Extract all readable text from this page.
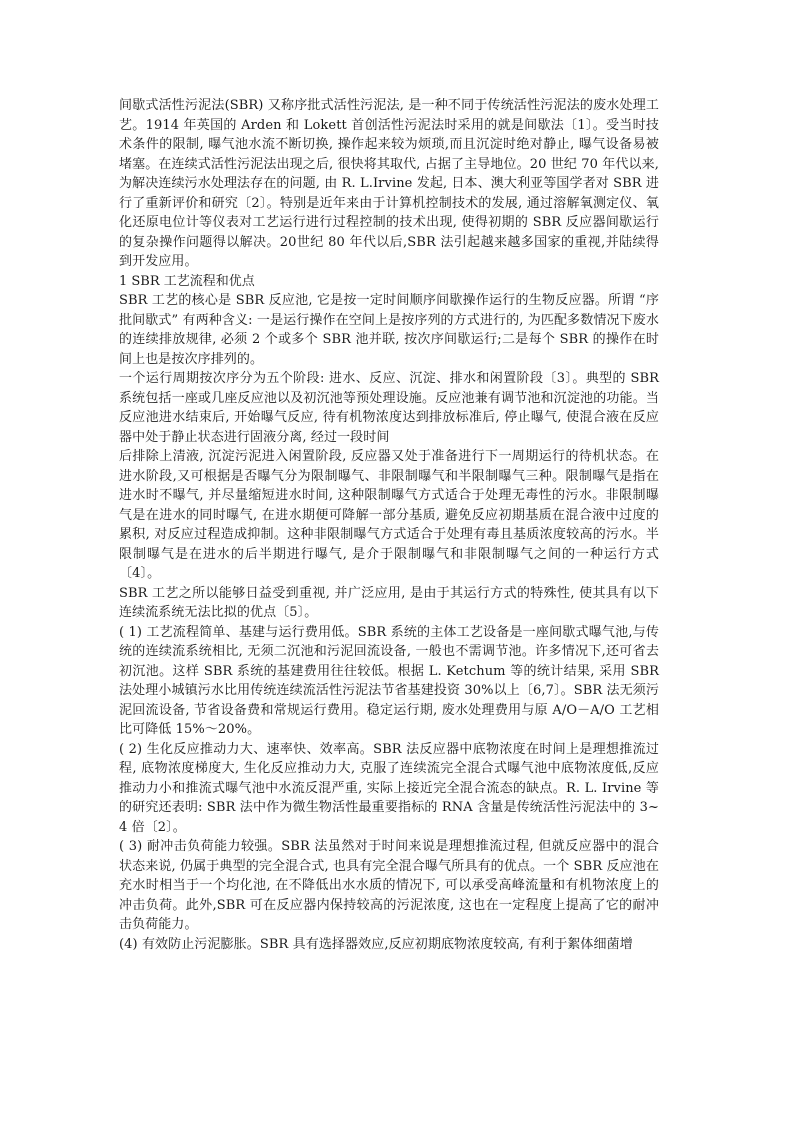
间歇式活性污泥法(SBR) 又称序批式活性污泥法, 是一种不同于传统活性污泥法的废水处理工艺。1914 年英国的 Arden 和 Lokett 首创活性污泥法时采用的就是间歇法〔1〕。受当时技术条件的限制, 曝气池水流不断切换, 操作起来较为烦琐,而且沉淀时绝对静止, 曝气设备易被堵塞。在连续式活性污泥法出现之后, 很快将其取代, 占据了主导地位。20 世纪 70 年代以来, 为解决连续污水处理法存在的问题, 由 R. L.Irvine 发起, 日本、澳大利亚等国学者对 SBR 进行了重新评价和研究〔2〕。特别是近年来由于计算机控制技术的发展, 通过溶解氧测定仪、氧化还原电位计等仪表对工艺运行进行过程控制的技术出现, 使得初期的 SBR 反应器间歇运行的复杂操作问题得以解决。20世纪 80 年代以后,SBR 法引起越来越多国家的重视,并陆续得到开发应用。

1 SBR 工艺流程和优点

SBR 工艺的核心是 SBR 反应池, 它是按一定时间顺序间歇操作运行的生物反应器。所谓 “序批间歇式” 有两种含义: 一是运行操作在空间上是按序列的方式进行的, 为匹配多数情况下废水的连续排放规律, 必须 2 个或多个 SBR 池并联, 按次序间歇运行;二是每个 SBR 的操作在时间上也是按次序排列的。

一个运行周期按次序分为五个阶段: 进水、反应、沉淀、排水和闲置阶段〔3〕。典型的 SBR 系统包括一座或几座反应池以及初沉池等预处理设施。反应池兼有调节池和沉淀池的功能。当反应池进水结束后, 开始曝气反应, 待有机物浓度达到排放标准后, 停止曝气, 使混合液在反应器中处于静止状态进行固液分离, 经过一段时间

后排除上清液, 沉淀污泥进入闲置阶段, 反应器又处于准备进行下一周期运行的待机状态。在进水阶段,又可根据是否曝气分为限制曝气、非限制曝气和半限制曝气三种。限制曝气是指在进水时不曝气, 并尽量缩短进水时间, 这种限制曝气方式适合于处理无毒性的污水。非限制曝气是在进水的同时曝气, 在进水期便可降解一部分基质, 避免反应初期基质在混合液中过度的累积, 对反应过程造成抑制。这种非限制曝气方式适合于处理有毒且基质浓度较高的污水。半限制曝气是在进水的后半期进行曝气, 是介于限制曝气和非限制曝气之间的一种运行方式〔4〕。

SBR 工艺之所以能够日益受到重视, 并广泛应用, 是由于其运行方式的特殊性, 使其具有以下连续流系统无法比拟的优点〔5〕。

( 1) 工艺流程简单、基建与运行费用低。SBR 系统的主体工艺设备是一座间歇式曝气池,与传统的连续流系统相比, 无须二沉池和污泥回流设备, 一般也不需调节池。许多情况下,还可省去初沉池。这样 SBR 系统的基建费用往往较低。根据 L. Ketchum 等的统计结果, 采用 SBR 法处理小城镇污水比用传统连续流活性污泥法节省基建投资 30%以上〔6,7〕。SBR 法无须污泥回流设备, 节省设备费和常规运行费用。稳定运行期, 废水处理费用与原 A/O－A/O 工艺相比可降低 15%～20%。

( 2) 生化反应推动力大、速率快、效率高。SBR 法反应器中底物浓度在时间上是理想推流过程, 底物浓度梯度大, 生化反应推动力大, 克服了连续流完全混合式曝气池中底物浓度低,反应推动力小和推流式曝气池中水流反混严重, 实际上接近完全混合流态的缺点。R. L. Irvine 等的研究还表明: SBR 法中作为微生物活性最重要指标的 RNA 含量是传统活性污泥法中的 3~4 倍〔2〕。

( 3) 耐冲击负荷能力较强。SBR 法虽然对于时间来说是理想推流过程, 但就反应器中的混合状态来说, 仍属于典型的完全混合式, 也具有完全混合曝气所具有的优点。一个 SBR 反应池在充水时相当于一个均化池, 在不降低出水水质的情况下, 可以承受高峰流量和有机物浓度上的冲击负荷。此外,SBR 可在反应器内保持较高的污泥浓度, 这也在一定程度上提高了它的耐冲击负荷能力。

(4) 有效防止污泥膨胀。SBR 具有选择器效应,反应初期底物浓度较高, 有利于絮体细菌增
